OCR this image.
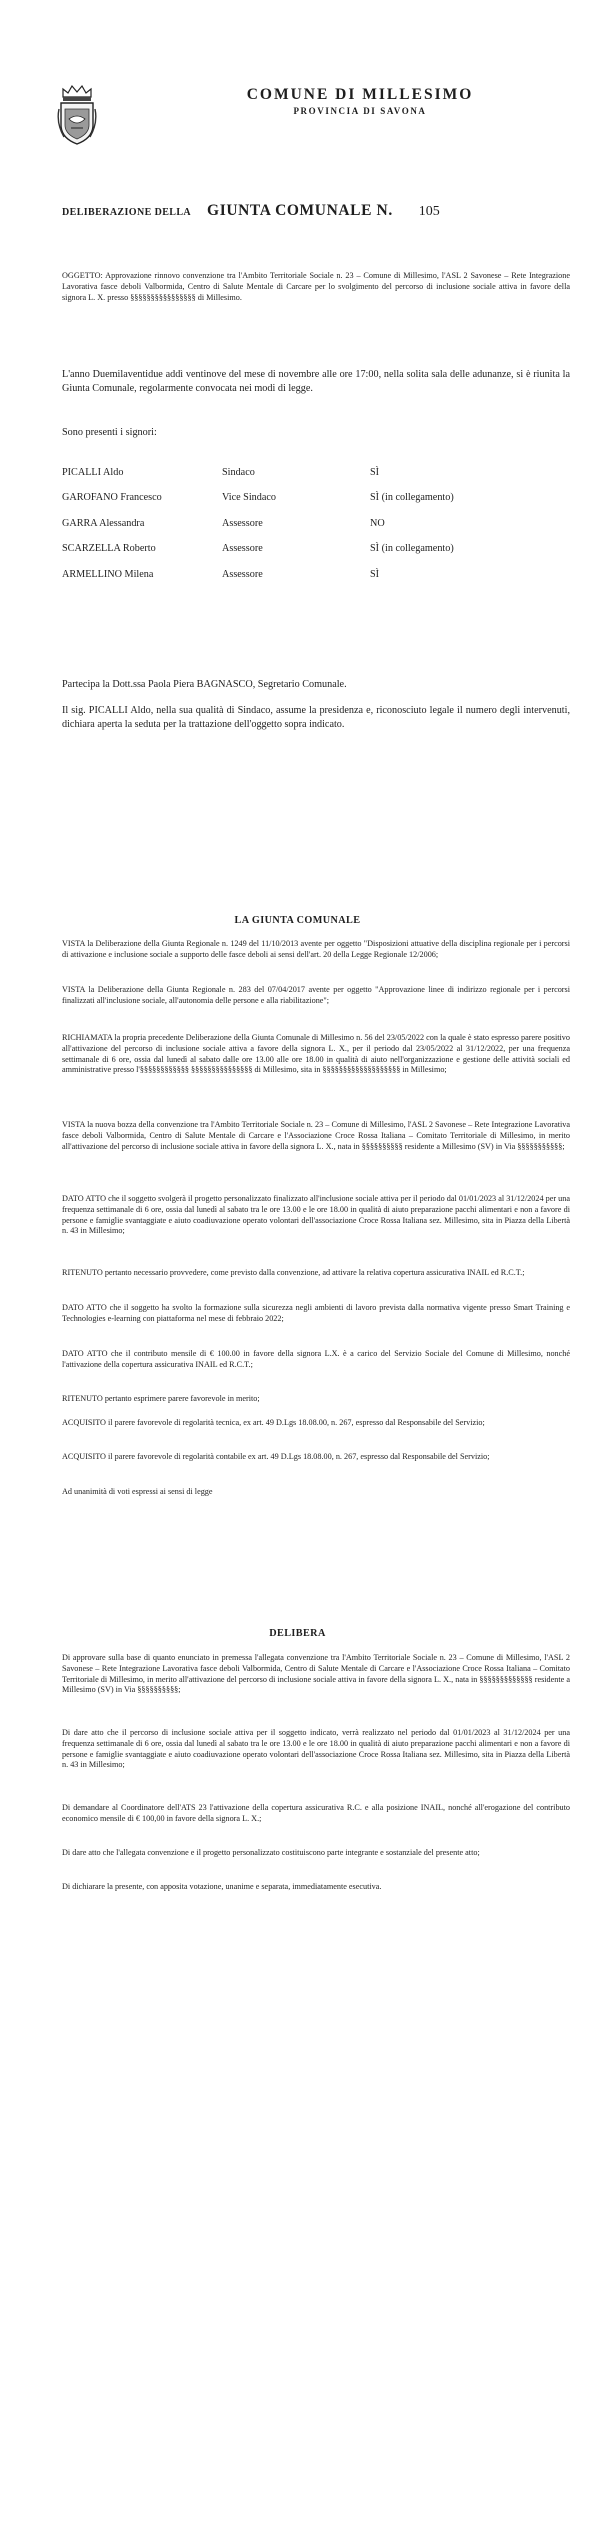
COMUNE DI MILLESIMO
PROVINCIA DI SAVONA
DELIBERAZIONE DELLA GIUNTA COMUNALE N. 105
OGGETTO: Approvazione rinnovo convenzione tra l'Ambito Territoriale Sociale n. 23 – Comune di Millesimo, l'ASL 2 Savonese – Rete Integrazione Lavorativa fasce deboli Valbormida, Centro di Salute Mentale di Carcare per lo svolgimento del percorso di inclusione sociale attiva in favore della signora L. X. presso §§§§§§§§§§§§§§§§ di Millesimo.
L'anno Duemilaventidue addì ventinove del mese di novembre alle ore 17:00, nella solita sala delle adunanze, si è riunita la Giunta Comunale, regolarmente convocata nei modi di legge.
Sono presenti i signori:
PICALLI Aldo	Sindaco	SÌ
GAROFANO Francesco	Vice Sindaco	SÌ (in collegamento)
GARRA Alessandra	Assessore	NO
SCARZELLA Roberto	Assessore	SÌ (in collegamento)
ARMELLINO Milena	Assessore	SÌ
Partecipa la Dott.ssa Paola Piera BAGNASCO, Segretario Comunale.
Il sig. PICALLI Aldo, nella sua qualità di Sindaco, assume la presidenza e, riconosciuto legale il numero degli intervenuti, dichiara aperta la seduta per la trattazione dell'oggetto sopra indicato.
LA GIUNTA COMUNALE
VISTA la Deliberazione della Giunta Regionale n. 1249 del 11/10/2013 avente per oggetto "Disposizioni attuative della disciplina regionale per i percorsi di attivazione e inclusione sociale a supporto delle fasce deboli ai sensi dell'art. 20 della Legge Regionale 12/2006;
VISTA la Deliberazione della Giunta Regionale n. 283 del 07/04/2017 avente per oggetto "Approvazione linee di indirizzo regionale per i percorsi finalizzati all'inclusione sociale, all'autonomia delle persone e alla riabilitazione";
RICHIAMATA la propria precedente Deliberazione della Giunta Comunale di Millesimo n. 56 del 23/05/2022 con la quale è stato espresso parere positivo all'attivazione del percorso di inclusione sociale attiva a favore della signora L. X., per il periodo dal 23/05/2022 al 31/12/2022, per una frequenza settimanale di 6 ore, ossia dal lunedì al sabato dalle ore 13.00 alle ore 18.00 in qualità di aiuto nell'organizzazione e gestione delle attività sociali ed amministrative presso l'§§§§§§§§§§§§ §§§§§§§§§§§§§§§ di Millesimo, sita in §§§§§§§§§§§§§§§§§§§ in Millesimo;
VISTA la nuova bozza della convenzione tra l'Ambito Territoriale Sociale n. 23 – Comune di Millesimo, l'ASL 2 Savonese – Rete Integrazione Lavorativa fasce deboli Valbormida, Centro di Salute Mentale di Carcare e l'Associazione Croce Rossa Italiana – Comitato Territoriale di Millesimo, in merito all'attivazione del percorso di inclusione sociale attiva in favore della signora L. X., nata in §§§§§§§§§§ residente a Millesimo (SV) in Via §§§§§§§§§§§;
DATO ATTO che il soggetto svolgerà il progetto personalizzato finalizzato all'inclusione sociale attiva per il periodo dal 01/01/2023 al 31/12/2024 per una frequenza settimanale di 6 ore, ossia dal lunedì al sabato tra le ore 13.00 e le ore 18.00 in qualità di aiuto preparazione pacchi alimentari e non a favore di persone e famiglie svantaggiate e aiuto coadiuvazione operato volontari dell'associazione Croce Rossa Italiana sez. Millesimo, sita in Piazza della Libertà n. 43 in Millesimo;
RITENUTO pertanto necessario provvedere, come previsto dalla convenzione, ad attivare la relativa copertura assicurativa INAIL ed R.C.T.;
DATO ATTO che il soggetto ha svolto la formazione sulla sicurezza negli ambienti di lavoro prevista dalla normativa vigente presso Smart Training e Technologies e-learning con piattaforma nel mese di febbraio 2022;
DATO ATTO che il contributo mensile di € 100.00 in favore della signora L.X. è a carico del Servizio Sociale del Comune di Millesimo, nonché l'attivazione della copertura assicurativa INAIL ed R.C.T.;
RITENUTO pertanto esprimere parere favorevole in merito;
ACQUISITO il parere favorevole di regolarità tecnica, ex art. 49 D.Lgs 18.08.00, n. 267, espresso dal Responsabile del Servizio;
ACQUISITO il parere favorevole di regolarità contabile ex art. 49 D.Lgs 18.08.00, n. 267, espresso dal Responsabile del Servizio;
Ad unanimità di voti espressi ai sensi di legge
DELIBERA
Di approvare sulla base di quanto enunciato in premessa l'allegata convenzione tra l'Ambito Territoriale Sociale n. 23 – Comune di Millesimo, l'ASL 2 Savonese – Rete Integrazione Lavorativa fasce deboli Valbormida, Centro di Salute Mentale di Carcare e l'Associazione Croce Rossa Italiana – Comitato Territoriale di Millesimo, in merito all'attivazione del percorso di inclusione sociale attiva in favore della signora L. X., nata in §§§§§§§§§§§§§ residente a Millesimo (SV) in Via §§§§§§§§§§;
Di dare atto che il percorso di inclusione sociale attiva per il soggetto indicato, verrà realizzato nel periodo dal 01/01/2023 al 31/12/2024 per una frequenza settimanale di 6 ore, ossia dal lunedì al sabato tra le ore 13.00 e le ore 18.00 in qualità di aiuto preparazione pacchi alimentari e non a favore di persone e famiglie svantaggiate e aiuto coadiuvazione operato volontari dell'associazione Croce Rossa Italiana sez. Millesimo, sita in Piazza della Libertà n. 43 in Millesimo;
Di demandare al Coordinatore dell'ATS 23 l'attivazione della copertura assicurativa R.C. e alla posizione INAIL, nonché all'erogazione del contributo economico mensile di € 100,00 in favore della signora L. X.;
Di dare atto che l'allegata convenzione e il progetto personalizzato costituiscono parte integrante e sostanziale del presente atto;
Di dichiarare la presente, con apposita votazione, unanime e separata, immediatamente esecutiva.
